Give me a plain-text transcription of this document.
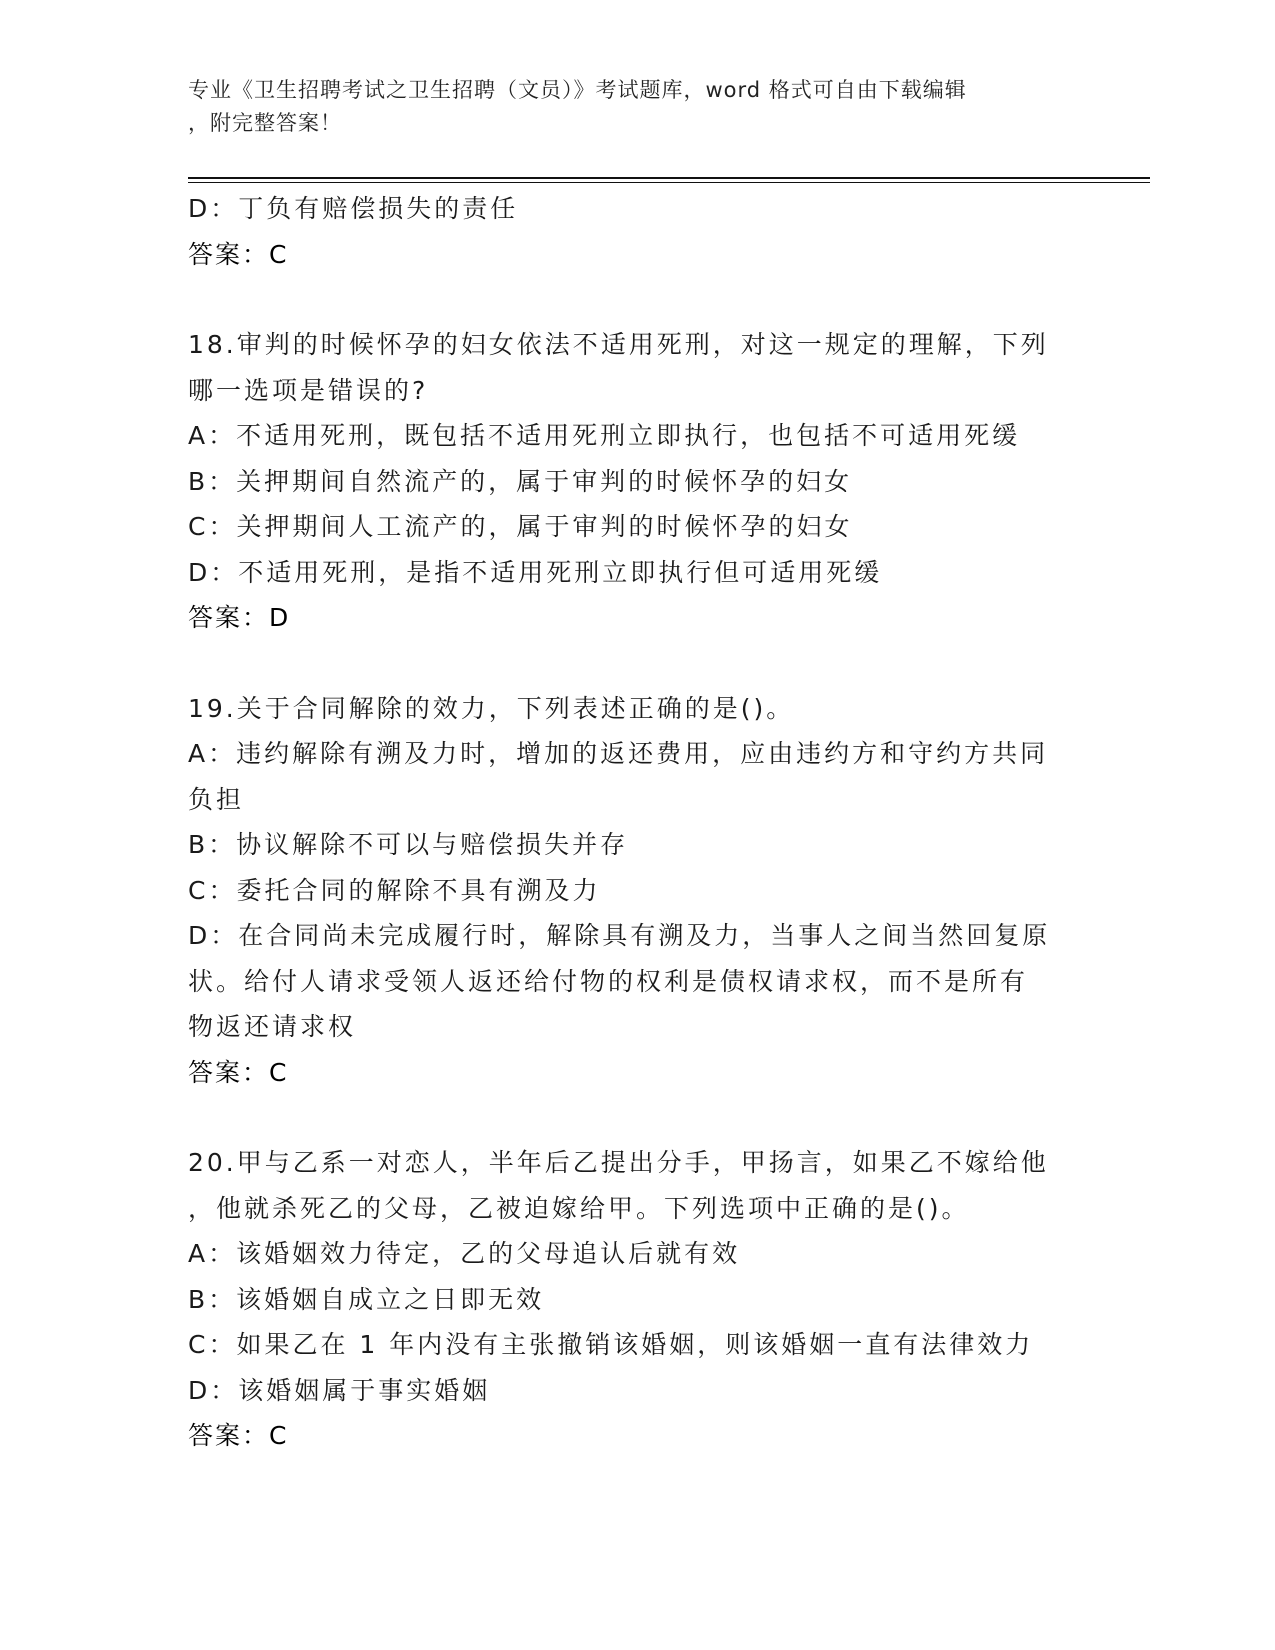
专业《卫生招聘考试之卫生招聘（文员）》考试题库，word 格式可自由下载编辑
，附完整答案！

D：丁负有赔偿损失的责任

答案：C

18.审判的时候怀孕的妇女依法不适用死刑，对这一规定的理解，下列

哪一选项是错误的?

A：不适用死刑，既包括不适用死刑立即执行，也包括不可适用死缓

B：关押期间自然流产的，属于审判的时候怀孕的妇女

C：关押期间人工流产的，属于审判的时候怀孕的妇女

D：不适用死刑，是指不适用死刑立即执行但可适用死缓

答案：D

19.关于合同解除的效力，下列表述正确的是()。

A：违约解除有溯及力时，增加的返还费用，应由违约方和守约方共同

负担

B：协议解除不可以与赔偿损失并存

C：委托合同的解除不具有溯及力

D：在合同尚未完成履行时，解除具有溯及力，当事人之间当然回复原

状。给付人请求受领人返还给付物的权利是债权请求权，而不是所有

物返还请求权

答案：C

20.甲与乙系一对恋人，半年后乙提出分手，甲扬言，如果乙不嫁给他

，他就杀死乙的父母，乙被迫嫁给甲。下列选项中正确的是()。

A：该婚姻效力待定，乙的父母追认后就有效

B：该婚姻自成立之日即无效

C：如果乙在 1 年内没有主张撤销该婚姻，则该婚姻一直有法律效力

D：该婚姻属于事实婚姻

答案：C
